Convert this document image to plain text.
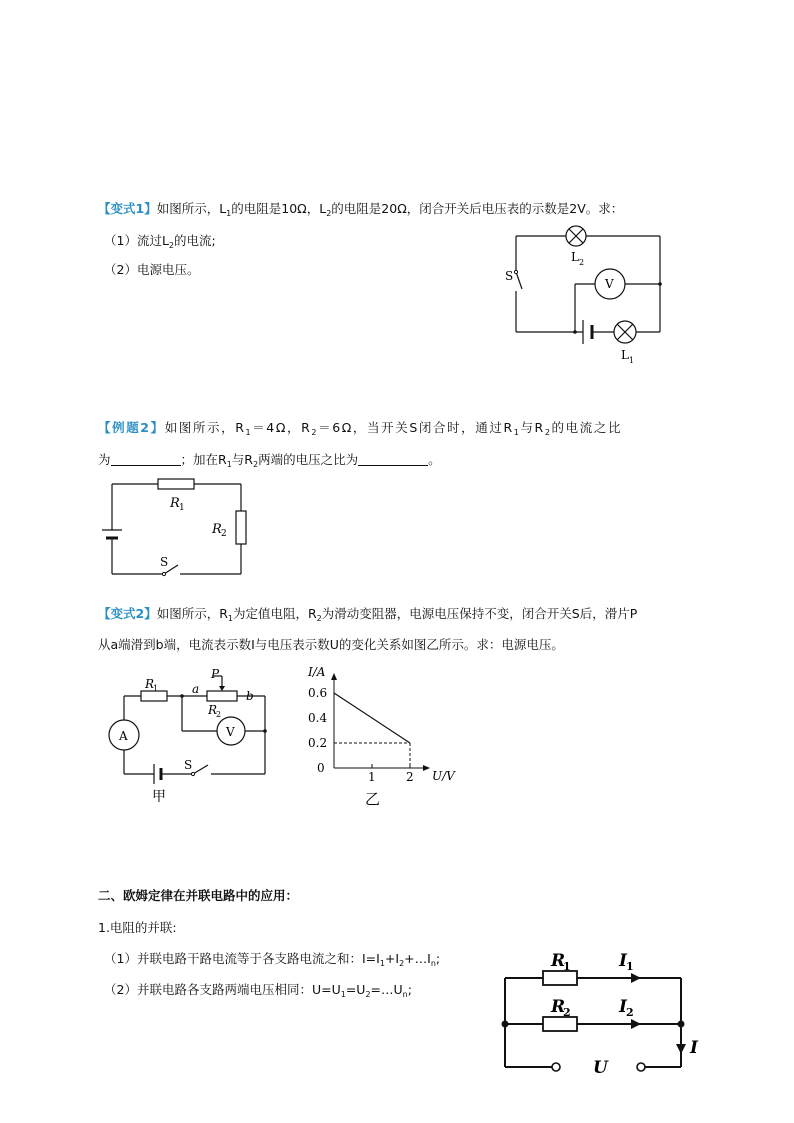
【变式1】如图所示，$L_1$的电阻是10Ω，$L_2$的电阻是20Ω，闭合开关后电压表的示数是2V。求：
（1）流过$L_2$的电流;
（2）电源电压。	S
V
L 2
L 1
【例题2】如图所示，$R_1=4\Omega$，$R_2=6\Omega$，当开关S闭合时，通过$R_1$与$R_2$的电流之比
为	；加在$R_1$与$R_2$两端的电压之比为	。
R 1
R 2
S
【变式2】如图所示，$R_1$为定值电阻，$R_2$为滑动变阻器，电源电压保持不变，闭合开关S后，滑片P
从a端滑到b端，电流表示数I与电压表示数U的变化关系如图乙所示。求：电源电压。
R
1
P
a	b
R
2
A	V
S
甲
0.2
0.4
0.6
1	2
I/A
U/V
0
乙
二、欧姆定律在并联电路中的应用：
1.电阻的并联:
（1）并联电路干路电流等于各支路电流之和：$I=I_1+I_2+\dots I_n$;
（2）并联电路各支路两端电压相同：$U=U_1=U_2=\dots U_n$;
R
1	I 1
R
2	I 2
I
U
